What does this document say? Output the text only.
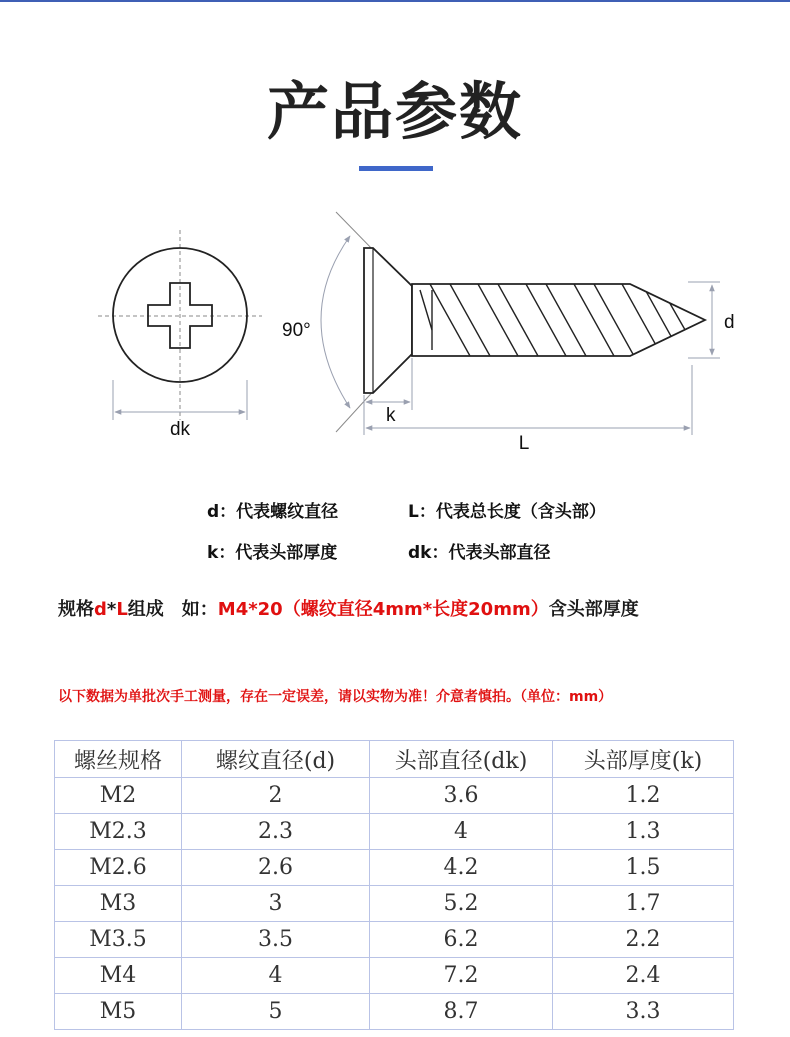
产品参数
dk
90°	d
k
L
d：代表螺纹直径	L：代表总长度（含头部）
k：代表头部厚度	dk：代表头部直径
规格d*L组成　如：M4*20（螺纹直径4mm*长度20mm）含头部厚度
以下数据为单批次手工测量，存在一定误差，请以实物为准！介意者慎拍。（单位：mm）
螺丝规格	螺纹直径(d)	头部直径(dk)	头部厚度(k)
M2	2	3.6	1.2
M2.3	2.3	4	1.3
M2.6	2.6	4.2	1.5
M3	3	5.2	1.7
M3.5	3.5	6.2	2.2
M4	4	7.2	2.4
M5	5	8.7	3.3
